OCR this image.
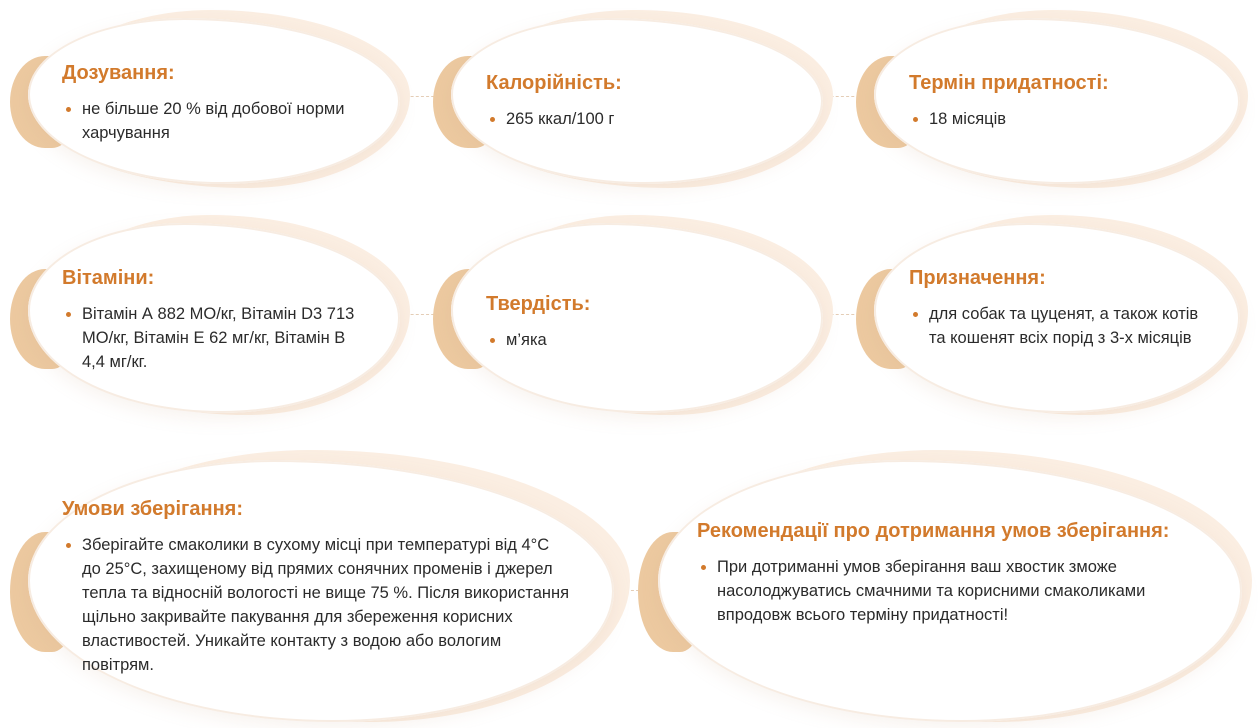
Дозування:
не більше 20 % від добової норми харчування
Калорійність:
265 ккал/100 г
Термін придатності:
18 місяців
Вітаміни:
Вітамін А 882 МО/кг, Вітамін D3 713 МО/кг, Вітамін Е 62 мг/кг, Вітамін В 4,4 мг/кг.
Твердість:
м’яка
Призначення:
для собак та цуценят, а також котів та кошенят всіх порід з 3-х місяців
Умови зберігання:
Зберігайте смаколики в сухому місці при температурі від 4°C до 25°C, захищеному від прямих сонячних променів і джерел тепла та відносній вологості не вище 75 %. Після використання щільно закривайте пакування для збереження корисних властивостей. Уникайте контакту з водою або вологим повітрям.
Рекомендації про дотримання умов зберігання:
При дотриманні умов зберігання ваш хвостик зможе насолоджуватись смачними та корисними смаколиками впродовж всього терміну придатності!
